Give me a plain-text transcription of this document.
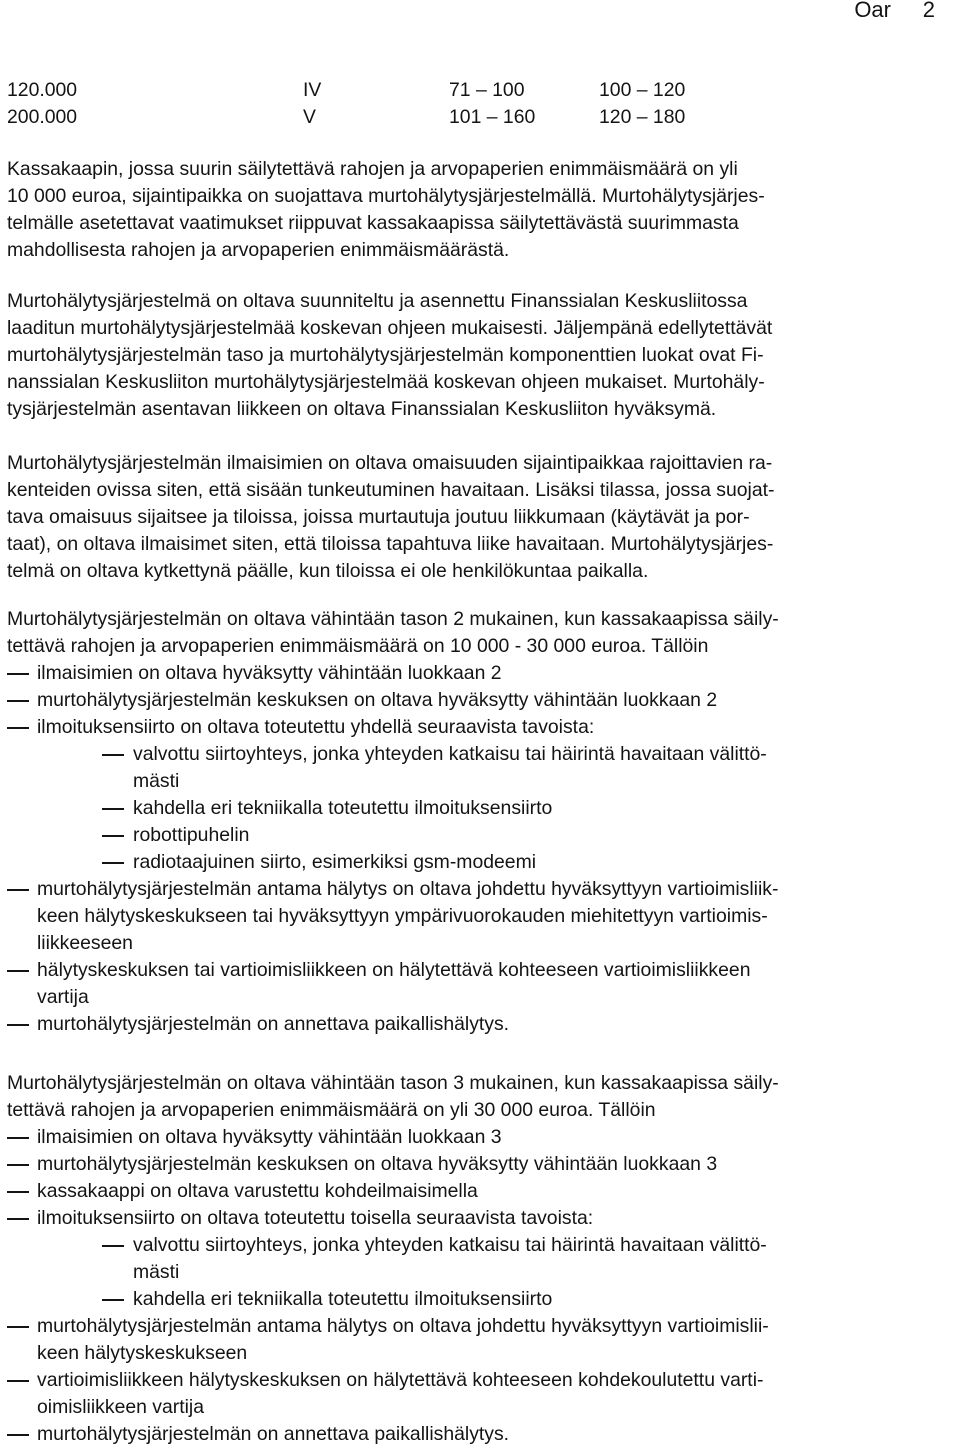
Oar 2
120.000	IV	71 – 100	100 – 120
200.000	V	101 – 160	120 – 180

Kassakaapin, jossa suurin säilytettävä rahojen ja arvopaperien enimmäismäärä on yli

10 000 euroa, sijaintipaikka on suojattava murtohälytysjärjestelmällä. Murtohälytysjärjes-

telmälle asetettavat vaatimukset riippuvat kassakaapissa säilytettävästä suurimmasta

mahdollisesta rahojen ja arvopaperien enimmäismäärästä.

Murtohälytysjärjestelmä on oltava suunniteltu ja asennettu Finanssialan Keskusliitossa

laaditun murtohälytysjärjestelmää koskevan ohjeen mukaisesti. Jäljempänä edellytettävät

murtohälytysjärjestelmän taso ja murtohälytysjärjestelmän komponenttien luokat ovat Fi-

nanssialan Keskusliiton murtohälytysjärjestelmää koskevan ohjeen mukaiset. Murtohäly-

tysjärjestelmän asentavan liikkeen on oltava Finanssialan Keskusliiton hyväksymä.

Murtohälytysjärjestelmän ilmaisimien on oltava omaisuuden sijaintipaikkaa rajoittavien ra-

kenteiden ovissa siten, että sisään tunkeutuminen havaitaan. Lisäksi tilassa, jossa suojat-

tava omaisuus sijaitsee ja tiloissa, joissa murtautuja joutuu liikkumaan (käytävät ja por-

taat), on oltava ilmaisimet siten, että tiloissa tapahtuva liike havaitaan. Murtohälytysjärjes-

telmä on oltava kytkettynä päälle, kun tiloissa ei ole henkilökuntaa paikalla.

Murtohälytysjärjestelmän on oltava vähintään tason 2 mukainen, kun kassakaapissa säily-

tettävä rahojen ja arvopaperien enimmäismäärä on 10 000 - 30 000 euroa. Tällöin

ilmaisimien on oltava hyväksytty vähintään luokkaan 2
murtohälytysjärjestelmän keskuksen on oltava hyväksytty vähintään luokkaan 2
ilmoituksensiirto on oltava toteutettu yhdellä seuraavista tavoista:
valvottu siirtoyhteys, jonka yhteyden katkaisu tai häirintä havaitaan välittö-
mästi
kahdella eri tekniikalla toteutettu ilmoituksensiirto
robottipuhelin
radiotaajuinen siirto, esimerkiksi gsm-modeemi
murtohälytysjärjestelmän antama hälytys on oltava johdettu hyväksyttyyn vartioimisliik-
keen hälytyskeskukseen tai hyväksyttyyn ympärivuorokauden miehitettyyn vartioimis-
liikkeeseen
hälytyskeskuksen tai vartioimisliikkeen on hälytettävä kohteeseen vartioimisliikkeen
vartija
murtohälytysjärjestelmän on annettava paikallishälytys.

Murtohälytysjärjestelmän on oltava vähintään tason 3 mukainen, kun kassakaapissa säily-

tettävä rahojen ja arvopaperien enimmäismäärä on yli 30 000 euroa. Tällöin

ilmaisimien on oltava hyväksytty vähintään luokkaan 3
murtohälytysjärjestelmän keskuksen on oltava hyväksytty vähintään luokkaan 3
kassakaappi on oltava varustettu kohdeilmaisimella
ilmoituksensiirto on oltava toteutettu toisella seuraavista tavoista:
valvottu siirtoyhteys, jonka yhteyden katkaisu tai häirintä havaitaan välittö-
mästi
kahdella eri tekniikalla toteutettu ilmoituksensiirto
murtohälytysjärjestelmän antama hälytys on oltava johdettu hyväksyttyyn vartioimislii-
keen hälytyskeskukseen
vartioimisliikkeen hälytyskeskuksen on hälytettävä kohteeseen kohdekoulutettu varti-
oimisliikkeen vartija
murtohälytysjärjestelmän on annettava paikallishälytys.
